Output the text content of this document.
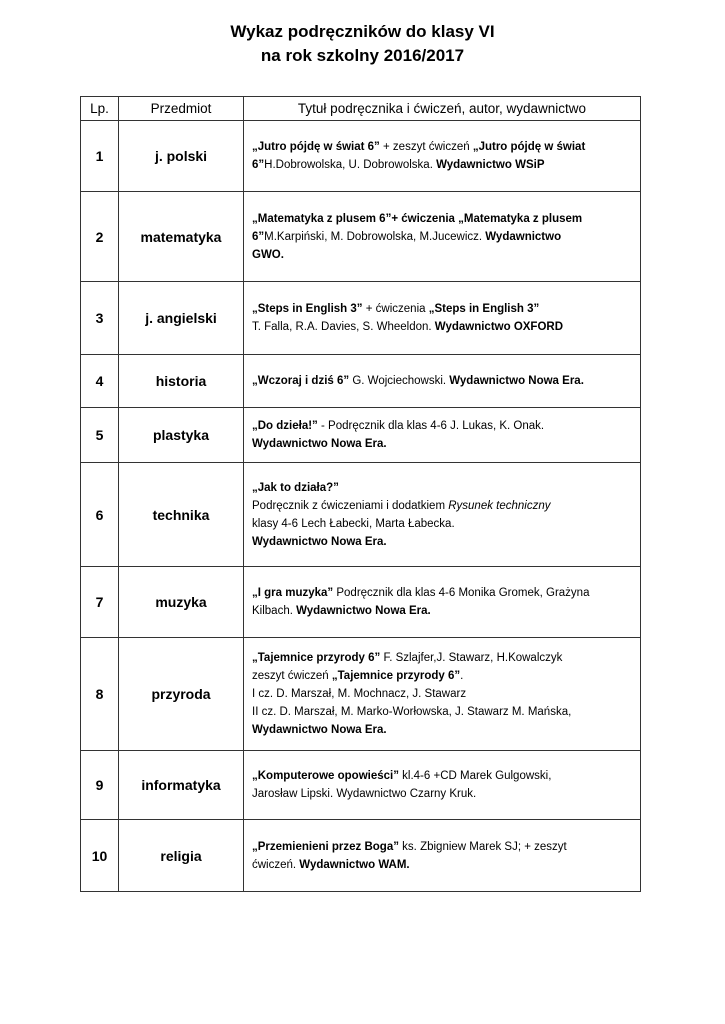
Wykaz podręczników do klasy VI
na rok szkolny 2016/2017
Lp.	Przedmiot	Tytuł podręcznika i ćwiczeń, autor, wydawnictwo
1	j. polski	„Jutro pójdę w świat 6” + zeszyt ćwiczeń „Jutro pójdę w świat
6”H.Dobrowolska, U. Dobrowolska. Wydawnictwo WSiP

2	matematyka	„Matematyka z plusem 6”+ ćwiczenia „Matematyka z plusem
6”M.Karpiński, M. Dobrowolska, M.Jucewicz. Wydawnictwo
GWO.

3	j. angielski	„Steps in English 3” + ćwiczenia „Steps in English 3”
T. Falla, R.A. Davies, S. Wheeldon. Wydawnictwo OXFORD

4	historia	„Wczoraj i dziś 6” G. Wojciechowski. Wydawnictwo Nowa Era.

5	plastyka	„Do dzieła!” - Podręcznik dla klas 4-6 J. Lukas, K. Onak.
Wydawnictwo Nowa Era.

6	technika	„Jak to działa?”
Podręcznik z ćwiczeniami i dodatkiem Rysunek techniczny
klasy 4-6 Lech Łabecki, Marta Łabecka.
Wydawnictwo Nowa Era.

7	muzyka	„I gra muzyka” Podręcznik dla klas 4-6 Monika Gromek, Grażyna
Kilbach. Wydawnictwo Nowa Era.

8	przyroda	„Tajemnice przyrody 6” F. Szlajfer,J. Stawarz, H.Kowalczyk
zeszyt ćwiczeń „Tajemnice przyrody 6”.
I cz. D. Marszał, M. Mochnacz, J. Stawarz
II cz. D. Marszał, M. Marko-Worłowska, J. Stawarz M. Mańska,
Wydawnictwo Nowa Era.

9	informatyka	„Komputerowe opowieści” kl.4-6 +CD Marek Gulgowski,
Jarosław Lipski. Wydawnictwo Czarny Kruk.

10	religia	„Przemienieni przez Boga” ks. Zbigniew Marek SJ; + zeszyt
ćwiczeń. Wydawnictwo WAM.
